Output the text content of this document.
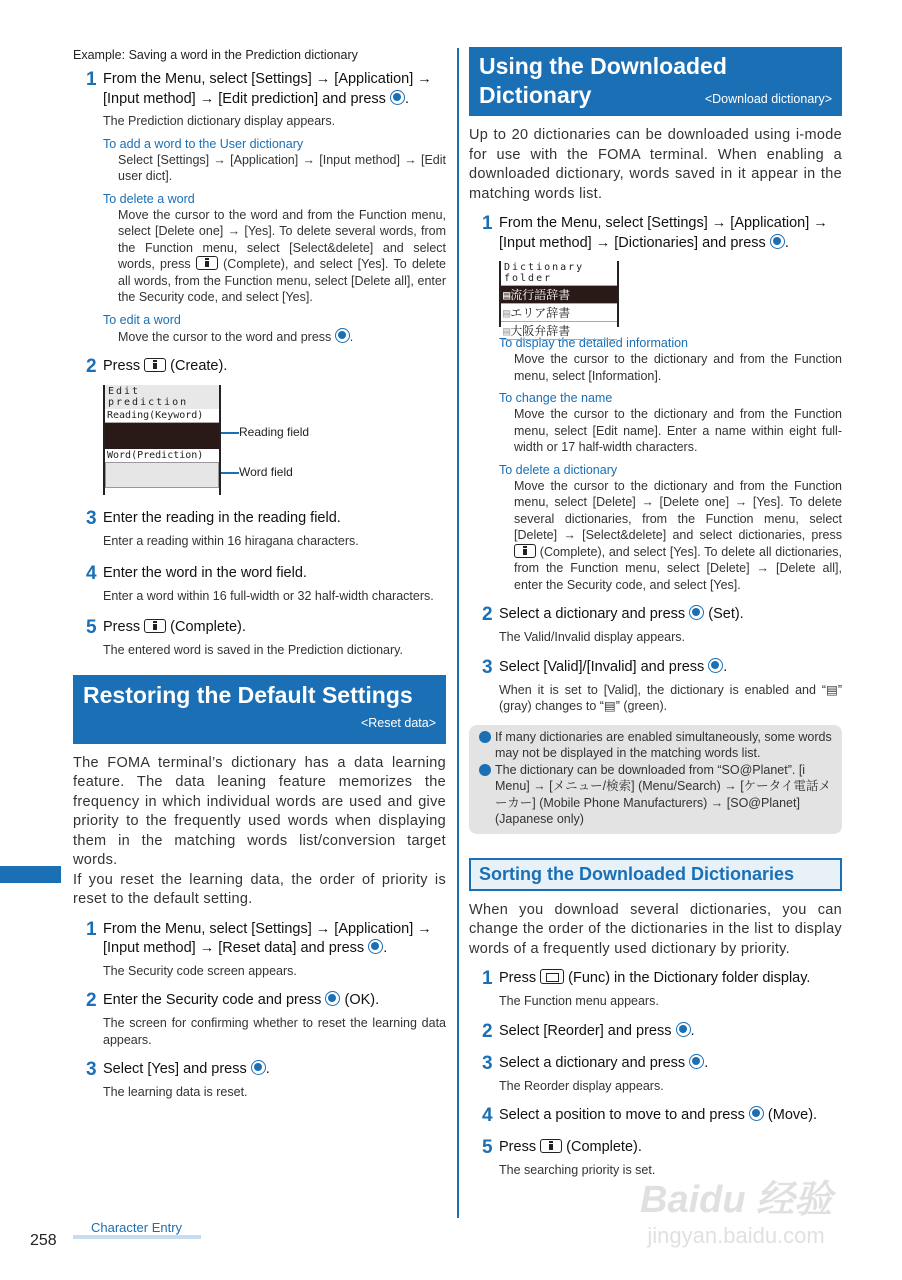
Example: Saving a word in the Prediction dictionary
1 From the Menu, select [Settings] → [Application] → [Input method] → [Edit prediction] and press .
The Prediction dictionary display appears.
To add a word to the User dictionary
Select [Settings] → [Application] → [Input method] → [Edit user dict].
To delete a word
Move the cursor to the word and from the Function menu, select [Delete one] → [Yes]. To delete several words, from the Function menu, select [Select&delete] and select words, press	(Complete), and select [Yes]. To delete all words, from the Function menu, select [Delete all], enter the Security code, and select [Yes].
To edit a word
Move the cursor to the word and press .
2 Press (Create).
Edit prediction
Reading(Keyword)
Word(Prediction)
Reading field
Word field
3 Enter the reading in the reading field.
Enter a reading within 16 hiragana characters.
4 Enter the word in the word field.
Enter a word within 16 full-width or 32 half-width characters.
5 Press (Complete).
The entered word is saved in the Prediction dictionary.
Restoring the Default Settings
<Reset data>
The FOMA terminal’s dictionary has a data learning feature. The data leaning feature memorizes the frequency in which individual words are used and give priority to the frequently used words when displaying them in the matching words list/conversion target words.
If you reset the learning data, the order of priority is reset to the default setting.
1 From the Menu, select [Settings] → [Application] → [Input method] → [Reset data] and press .
The Security code screen appears.
2 Enter the Security code and press (OK).
The screen for confirming whether to reset the learning data appears.
3 Select [Yes] and press .
The learning data is reset.
Using the Downloaded Dictionary	<Download dictionary>
Up to 20 dictionaries can be downloaded using i-mode for use with the FOMA terminal. When enabling a downloaded dictionary, words saved in it appear in the matching words list.
1 From the Menu, select [Settings] → [Application] → [Input method] → [Dictionaries] and press .
Dictionary folder
▤流行語辞書
▤エリア辞書
▤大阪弁辞書
To display the detailed information
Move the cursor to the dictionary and from the Function menu, select [Information].
To change the name
Move the cursor to the dictionary and from the Function menu, select [Edit name]. Enter a name within eight full-width or 17 half-width characters.
To delete a dictionary
Move the cursor to the dictionary and from the Function menu, select [Delete] → [Delete one] → [Yes]. To delete several dictionaries, from the Function menu, select [Delete] → [Select&delete] and select dictionaries, press  (Complete), and select [Yes]. To delete all dictionaries, from the Function menu, select [Delete] → [Delete all], enter the Security code, and select [Yes].
2 Select a dictionary and press (Set).
The Valid/Invalid display appears.
3 Select [Valid]/[Invalid] and press .
When it is set to [Valid], the dictionary is enabled and “▤” (gray) changes to “▤” (green).
If many dictionaries are enabled simultaneously, some words may not be displayed in the matching words list.
The dictionary can be downloaded from “SO@Planet”. [i Menu] → [メニュー/検索] (Menu/Search) → [ケータイ電話メーカー] (Mobile Phone Manufacturers) → [SO@Planet] (Japanese only)
Sorting the Downloaded Dictionaries
When you download several dictionaries, you can change the order of the dictionaries in the list to display words of a frequently used dictionary by priority.
1 Press (Func) in the Dictionary folder display.
The Function menu appears.
2 Select [Reorder] and press .
3 Select a dictionary and press .
The Reorder display appears.
4 Select a position to move to and press (Move).
5 Press (Complete).
The searching priority is set.
258
Character Entry
Baidu 经验
jingyan.baidu.com
